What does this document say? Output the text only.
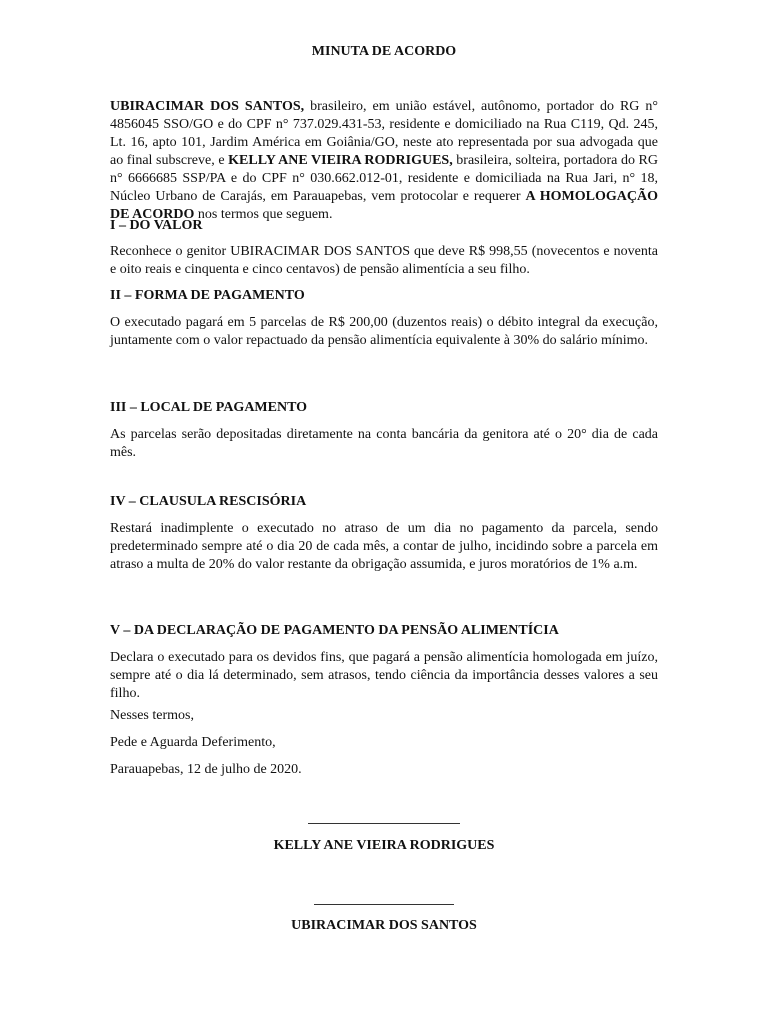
MINUTA DE ACORDO

UBIRACIMAR DOS SANTOS, brasileiro, em união estável, autônomo, portador do RG n° 4856045 SSO/GO e do CPF n° 737.029.431-53, residente e domiciliado na Rua C119, Qd. 245, Lt. 16, apto 101, Jardim América em Goiânia/GO, neste ato representada por sua advogada que ao final subscreve, e KELLY ANE VIEIRA RODRIGUES, brasileira, solteira, portadora do RG n° 6666685 SSP/PA e do CPF n° 030.662.012-01, residente e domiciliada na Rua Jari, n° 18, Núcleo Urbano de Carajás, em Parauapebas, vem protocolar e requerer A HOMOLOGAÇÃO DE ACORDO nos termos que seguem.

I – DO VALOR

Reconhece o genitor UBIRACIMAR DOS SANTOS que deve R$ 998,55 (novecentos e noventa e oito reais e cinquenta e cinco centavos) de pensão alimentícia a seu filho.

II – FORMA DE PAGAMENTO

O executado pagará em 5 parcelas de R$ 200,00 (duzentos reais) o débito integral da execução, juntamente com o valor repactuado da pensão alimentícia equivalente à 30% do salário mínimo.

III – LOCAL DE PAGAMENTO

As parcelas serão depositadas diretamente na conta bancária da genitora até o 20° dia de cada mês.

IV – CLAUSULA RESCISÓRIA

Restará inadimplente o executado no atraso de um dia no pagamento da parcela, sendo predeterminado sempre até o dia 20 de cada mês, a contar de julho, incidindo sobre a parcela em atraso a multa de 20% do valor restante da obrigação assumida, e juros moratórios de 1% a.m.

V – DA DECLARAÇÃO DE PAGAMENTO DA PENSÃO ALIMENTÍCIA

Declara o executado para os devidos fins, que pagará a pensão alimentícia homologada em juízo, sempre até o dia lá determinado, sem atrasos, tendo ciência da importância desses valores a seu filho.

Nesses termos,

Pede e Aguarda Deferimento,

Parauapebas, 12 de julho de 2020.

KELLY ANE VIEIRA RODRIGUES

UBIRACIMAR DOS SANTOS
